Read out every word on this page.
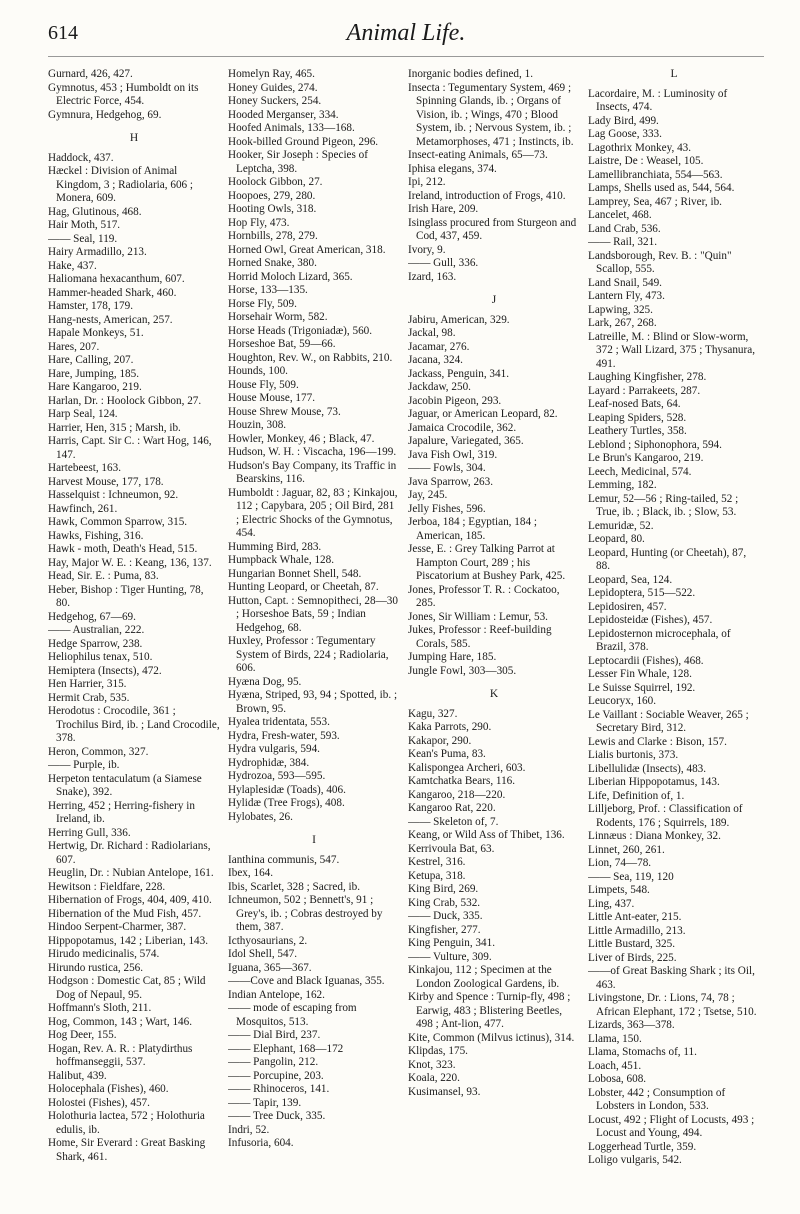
614	Animal Life.

Gurnard, 426, 427.

Gymnotus, 453 ; Humboldt on its Electric Force, 454.

Gymnura, Hedgehog, 69.

H

Haddock, 437.

Hæckel : Division of Animal Kingdom, 3 ; Radiolaria, 606 ; Monera, 609.

Hag, Glutinous, 468.

Hair Moth, 517.

—— Seal, 119.

Hairy Armadillo, 213.

Hake, 437.

Haliomana hexacanthum, 607.

Hammer-headed Shark, 460.

Hamster, 178, 179.

Hang-nests, American, 257.

Hapale Monkeys, 51.

Hares, 207.

Hare, Calling, 207.

Hare, Jumping, 185.

Hare Kangaroo, 219.

Harlan, Dr. : Hoolock Gibbon, 27.

Harp Seal, 124.

Harrier, Hen, 315 ; Marsh, ib.

Harris, Capt. Sir C. : Wart Hog, 146, 147.

Hartebeest, 163.

Harvest Mouse, 177, 178.

Hasselquist : Ichneumon, 92.

Hawfinch, 261.

Hawk, Common Sparrow, 315.

Hawks, Fishing, 316.

Hawk - moth, Death's Head, 515.

Hay, Major W. E. : Keang, 136, 137.

Head, Sir. E. : Puma, 83.

Heber, Bishop : Tiger Hunting, 78, 80.

Hedgehog, 67—69.

—— Australian, 222.

Hedge Sparrow, 238.

Heliophilus tenax, 510.

Hemiptera (Insects), 472.

Hen Harrier, 315.

Hermit Crab, 535.

Herodotus : Crocodile, 361 ; Trochilus Bird, ib. ; Land Crocodile, 378.

Heron, Common, 327.

—— Purple, ib.

Herpeton tentaculatum (a Siamese Snake), 392.

Herring, 452 ; Herring-fishery in Ireland, ib.

Herring Gull, 336.

Hertwig, Dr. Richard : Radiolarians, 607.

Heuglin, Dr. : Nubian Antelope, 161.

Hewitson : Fieldfare, 228.

Hibernation of Frogs, 404, 409, 410.

Hibernation of the Mud Fish, 457.

Hindoo Serpent-Charmer, 387.

Hippopotamus, 142 ; Liberian, 143.

Hirudo medicinalis, 574.

Hirundo rustica, 256.

Hodgson : Domestic Cat, 85 ; Wild Dog of Nepaul, 95.

Hoffmann's Sloth, 211.

Hog, Common, 143 ; Wart, 146.

Hog Deer, 155.

Hogan, Rev. A. R. : Platydirthus hoffmanseggii, 537.

Halibut, 439.

Holocephala (Fishes), 460.

Holostei (Fishes), 457.

Holothuria lactea, 572 ; Holothuria edulis, ib.

Home, Sir Everard : Great Basking Shark, 461.

Homelyn Ray, 465.

Honey Guides, 274.

Honey Suckers, 254.

Hooded Merganser, 334.

Hoofed Animals, 133—168.

Hook-billed Ground Pigeon, 296.

Hooker, Sir Joseph : Species of Leptcha, 398.

Hoolock Gibbon, 27.

Hoopoes, 279, 280.

Hooting Owls, 318.

Hop Fly, 473.

Hornbills, 278, 279.

Horned Owl, Great American, 318.

Horned Snake, 380.

Horrid Moloch Lizard, 365.

Horse, 133—135.

Horse Fly, 509.

Horsehair Worm, 582.

Horse Heads (Trigoniadæ), 560.

Horseshoe Bat, 59—66.

Houghton, Rev. W., on Rabbits, 210.

Hounds, 100.

House Fly, 509.

House Mouse, 177.

House Shrew Mouse, 73.

Houzin, 308.

Howler, Monkey, 46 ; Black, 47.

Hudson, W. H. : Viscacha, 196—199.

Hudson's Bay Company, its Traffic in Bearskins, 116.

Humboldt : Jaguar, 82, 83 ; Kinkajou, 112 ; Capybara, 205 ; Oil Bird, 281 ; Electric Shocks of the Gymnotus, 454.

Humming Bird, 283.

Humpback Whale, 128.

Hungarian Bonnet Shell, 548.

Hunting Leopard, or Cheetah, 87.

Hutton, Capt. : Semnopitheci, 28—30 ; Horseshoe Bats, 59 ; Indian Hedgehog, 68.

Huxley, Professor : Tegumentary System of Birds, 224 ; Radiolaria, 606.

Hyæna Dog, 95.

Hyæna, Striped, 93, 94 ; Spotted, ib. ; Brown, 95.

Hyalea tridentata, 553.

Hydra, Fresh-water, 593.

Hydra vulgaris, 594.

Hydrophidæ, 384.

Hydrozoa, 593—595.

Hylaplesidæ (Toads), 406.

Hylidæ (Tree Frogs), 408.

Hylobates, 26.

I

Ianthina communis, 547.

Ibex, 164.

Ibis, Scarlet, 328 ; Sacred, ib.

Ichneumon, 502 ; Bennett's, 91 ; Grey's, ib. ; Cobras destroyed by them, 387.

Icthyosaurians, 2.

Idol Shell, 547.

Iguana, 365—367.

——Cove and Black Iguanas, 355.

Indian Antelope, 162.

—— mode of escaping from Mosquitos, 513.

—— Dial Bird, 237.

—— Elephant, 168—172

—— Pangolin, 212.

—— Porcupine, 203.

—— Rhinoceros, 141.

—— Tapir, 139.

—— Tree Duck, 335.

Indri, 52.

Infusoria, 604.

Inorganic bodies defined, 1.

Insecta : Tegumentary System, 469 ; Spinning Glands, ib. ; Organs of Vision, ib. ; Wings, 470 ; Blood System, ib. ; Nervous System, ib. ; Metamorphoses, 471 ; Instincts, ib.

Insect-eating Animals, 65—73.

Iphisa elegans, 374.

Ipi, 212.

Ireland, introduction of Frogs, 410.

Irish Hare, 209.

Isinglass procured from Sturgeon and Cod, 437, 459.

Ivory, 9.

—— Gull, 336.

Izard, 163.

J

Jabiru, American, 329.

Jackal, 98.

Jacamar, 276.

Jacana, 324.

Jackass, Penguin, 341.

Jackdaw, 250.

Jacobin Pigeon, 293.

Jaguar, or American Leopard, 82.

Jamaica Crocodile, 362.

Japalure, Variegated, 365.

Java Fish Owl, 319.

—— Fowls, 304.

Java Sparrow, 263.

Jay, 245.

Jelly Fishes, 596.

Jerboa, 184 ; Egyptian, 184 ; American, 185.

Jesse, E. : Grey Talking Parrot at Hampton Court, 289 ; his Piscatorium at Bushey Park, 425.

Jones, Professor T. R. : Cockatoo, 285.

Jones, Sir William : Lemur, 53.

Jukes, Professor : Reef-building Corals, 585.

Jumping Hare, 185.

Jungle Fowl, 303—305.

K

Kagu, 327.

Kaka Parrots, 290.

Kakapor, 290.

Kean's Puma, 83.

Kalispongea Archeri, 603.

Kamtchatka Bears, 116.

Kangaroo, 218—220.

Kangaroo Rat, 220.

—— Skeleton of, 7.

Keang, or Wild Ass of Thibet, 136.

Kerrivoula Bat, 63.

Kestrel, 316.

Ketupa, 318.

King Bird, 269.

King Crab, 532.

—— Duck, 335.

Kingfisher, 277.

King Penguin, 341.

—— Vulture, 309.

Kinkajou, 112 ; Specimen at the London Zoological Gardens, ib.

Kirby and Spence : Turnip-fly, 498 ; Earwig, 483 ; Blistering Beetles, 498 ; Ant-lion, 477.

Kite, Common (Milvus ictinus), 314.

Klipdas, 175.

Knot, 323.

Koala, 220.

Kusimansel, 93.

L

Lacordaire, M. : Luminosity of Insects, 474.

Lady Bird, 499.

Lag Goose, 333.

Lagothrix Monkey, 43.

Laistre, De : Weasel, 105.

Lamellibranchiata, 554—563.

Lamps, Shells used as, 544, 564.

Lamprey, Sea, 467 ; River, ib.

Lancelet, 468.

Land Crab, 536.

—— Rail, 321.

Landsborough, Rev. B. : "Quin" Scallop, 555.

Land Snail, 549.

Lantern Fly, 473.

Lapwing, 325.

Lark, 267, 268.

Latreille, M. : Blind or Slow-worm, 372 ; Wall Lizard, 375 ; Thysanura, 491.

Laughing Kingfisher, 278.

Layard : Parrakeets, 287.

Leaf-nosed Bats, 64.

Leaping Spiders, 528.

Leathery Turtles, 358.

Leblond ; Siphonophora, 594.

Le Brun's Kangaroo, 219.

Leech, Medicinal, 574.

Lemming, 182.

Lemur, 52—56 ; Ring-tailed, 52 ; True, ib. ; Black, ib. ; Slow, 53.

Lemuridæ, 52.

Leopard, 80.

Leopard, Hunting (or Cheetah), 87, 88.

Leopard, Sea, 124.

Lepidoptera, 515—522.

Lepidosiren, 457.

Lepidosteidæ (Fishes), 457.

Lepidosternon microcephala, of Brazil, 378.

Leptocardii (Fishes), 468.

Lesser Fin Whale, 128.

Le Suisse Squirrel, 192.

Leucoryx, 160.

Le Vaillant : Sociable Weaver, 265 ; Secretary Bird, 312.

Lewis and Clarke : Bison, 157.

Lialis burtonis, 373.

Libellulidæ (Insects), 483.

Liberian Hippopotamus, 143.

Life, Definition of, 1.

Lilljeborg, Prof. : Classification of Rodents, 176 ; Squirrels, 189.

Linnæus : Diana Monkey, 32.

Linnet, 260, 261.

Lion, 74—78.

—— Sea, 119, 120

Limpets, 548.

Ling, 437.

Little Ant-eater, 215.

Little Armadillo, 213.

Little Bustard, 325.

Liver of Birds, 225.

——of Great Basking Shark ; its Oil, 463.

Livingstone, Dr. : Lions, 74, 78 ; African Elephant, 172 ; Tsetse, 510.

Lizards, 363—378.

Llama, 150.

Llama, Stomachs of, 11.

Loach, 451.

Lobosa, 608.

Lobster, 442 ; Consumption of Lobsters in London, 533.

Locust, 492 ; Flight of Locusts, 493 ; Locust and Young, 494.

Loggerhead Turtle, 359.

Loligo vulgaris, 542.
